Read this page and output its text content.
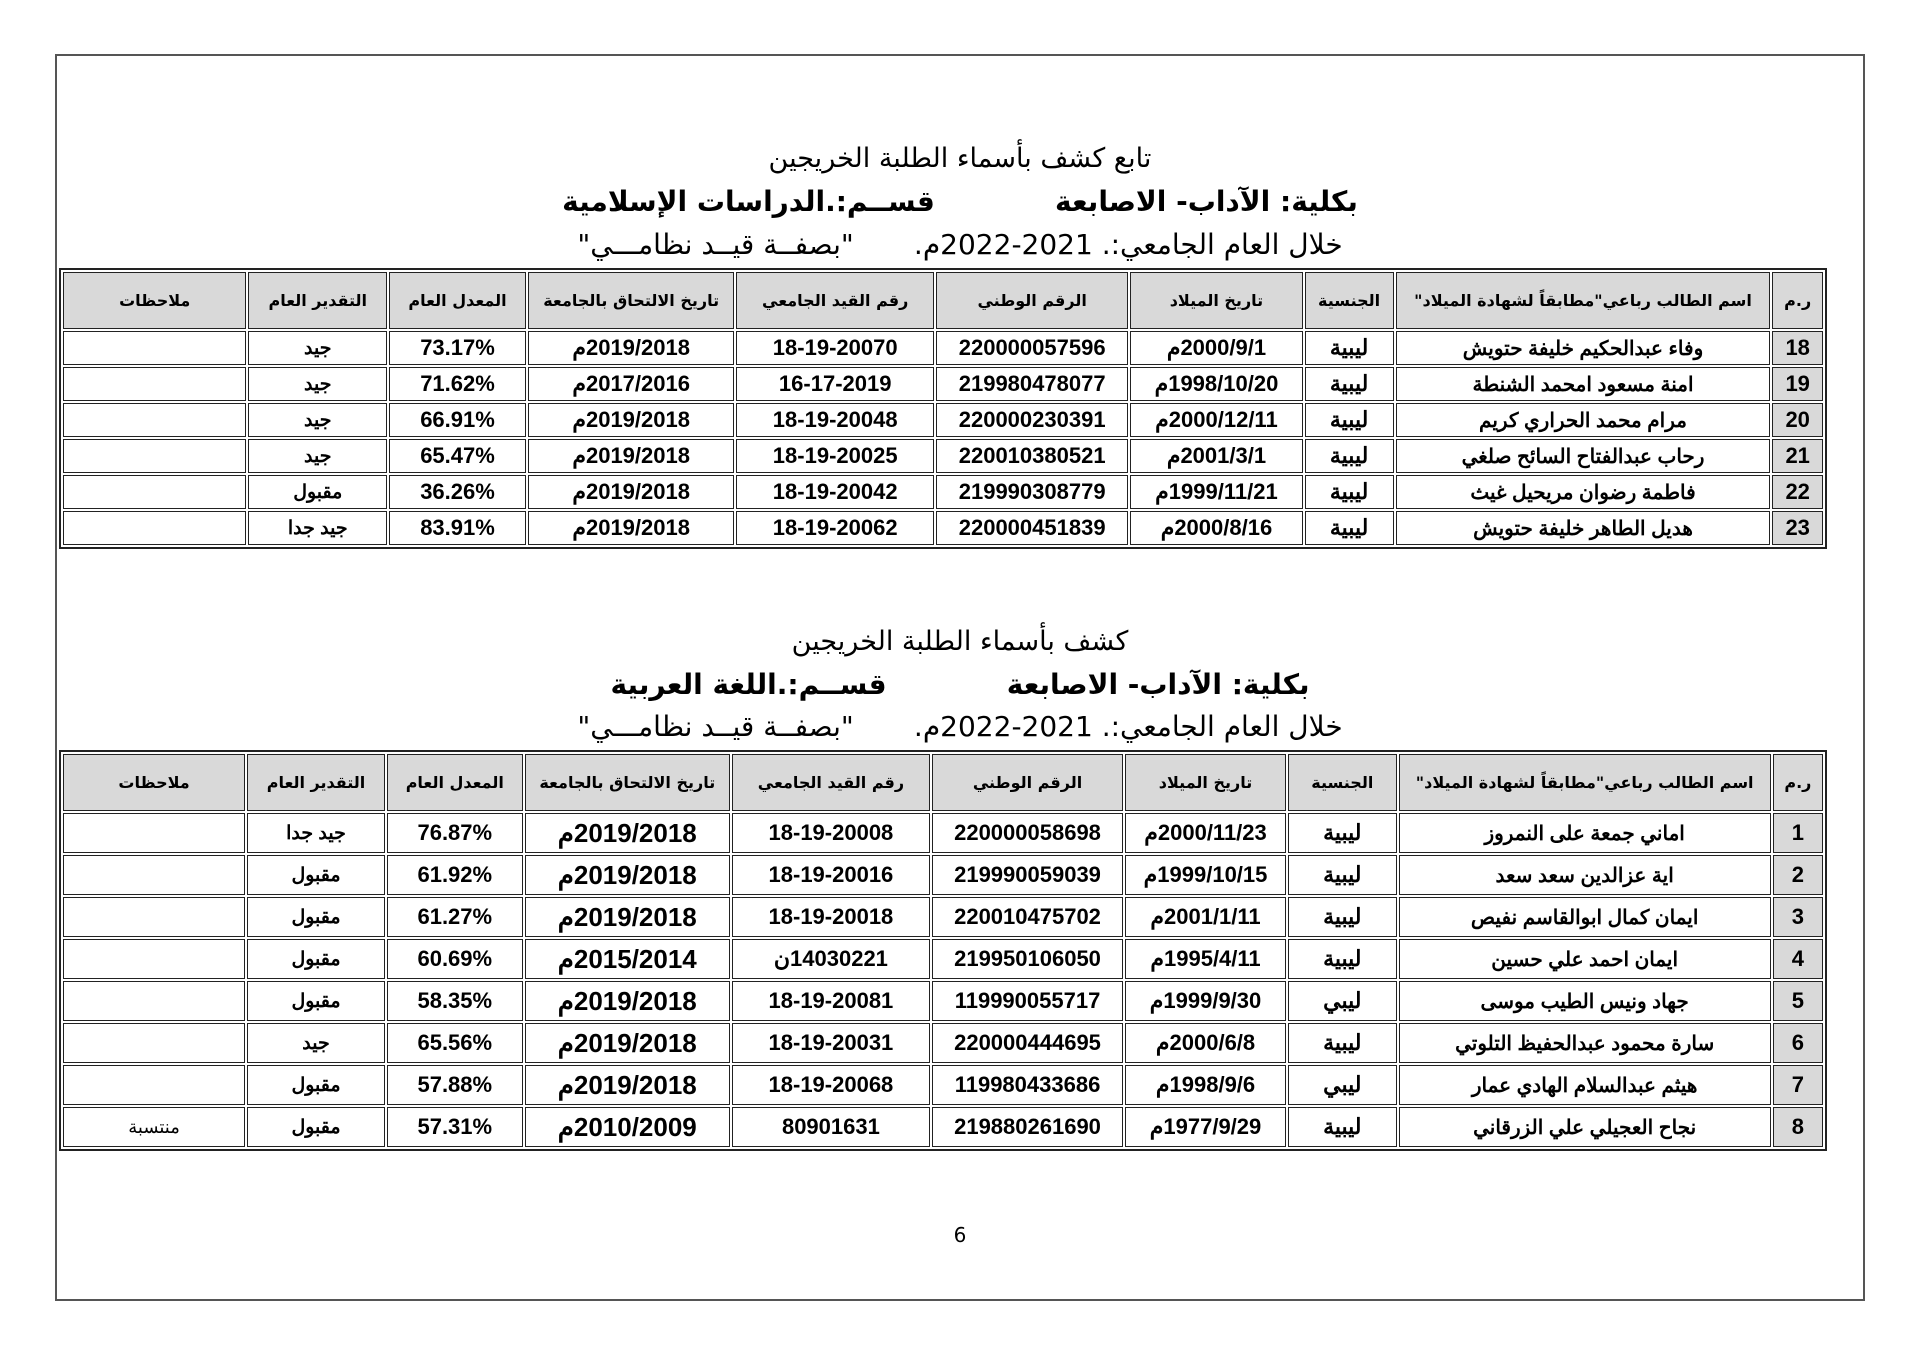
تابع كشف بأسماء الطلبة الخريجين
بكلية: الآداب- الاصابعة  قســم:.الدراسات الإسلامية
خلال العام الجامعي:. 2021-2022م.  "بصفــة قيــد نظامـــي"
ر.م	اسم الطالب رباعي"مطابقاً لشهادة الميلاد"	الجنسية	تاريخ الميلاد	الرقم الوطني	رقم القيد الجامعي	تاريخ الالتحاق بالجامعة	المعدل العام	التقدير العام	ملاحظات
18	وفاء عبدالحكيم خليفة حتويش	ليبية	2000/9/1م	220000057596	18-19-20070	2019/2018م	73.17%	جيد	
19	امنة مسعود امحمد الشنطة	ليبية	1998/10/20م	219980478077	16-17-2019	2017/2016م	71.62%	جيد	
20	مرام محمد الحراري كريم	ليبية	2000/12/11م	220000230391	18-19-20048	2019/2018م	66.91%	جيد	
21	رحاب عبدالفتاح السائح صلغي	ليبية	2001/3/1م	220010380521	18-19-20025	2019/2018م	65.47%	جيد	
22	فاطمة رضوان مريحيل غيث	ليبية	1999/11/21م	219990308779	18-19-20042	2019/2018م	36.26%	مقبول	
23	هديل الطاهر خليفة حتويش	ليبية	2000/8/16م	220000451839	18-19-20062	2019/2018م	83.91%	جيد جدا	
كشف بأسماء الطلبة الخريجين
بكلية: الآداب- الاصابعة  قســم:.اللغة العربية
خلال العام الجامعي:. 2021-2022م.  "بصفــة قيــد نظامـــي"
ر.م	اسم الطالب رباعي"مطابقاً لشهادة الميلاد"	الجنسية	تاريخ الميلاد	الرقم الوطني	رقم القيد الجامعي	تاريخ الالتحاق بالجامعة	المعدل العام	التقدير العام	ملاحظات
1	اماني جمعة على النمروز	ليبية	2000/11/23م	220000058698	18-19-20008	2019/2018م	76.87%	جيد جدا	
2	اية عزالدين سعد سعد	ليبية	1999/10/15م	219990059039	18-19-20016	2019/2018م	61.92%	مقبول	
3	ايمان كمال ابوالقاسم نفيص	ليبية	2001/1/11م	220010475702	18-19-20018	2019/2018م	61.27%	مقبول	
4	ايمان احمد علي حسين	ليبية	1995/4/11م	219950106050	14030221ن	2015/2014م	60.69%	مقبول	
5	جهاد ونيس الطيب موسى	ليبي	1999/9/30م	119990055717	18-19-20081	2019/2018م	58.35%	مقبول	
6	سارة محمود عبدالحفيظ التلوتي	ليبية	2000/6/8م	220000444695	18-19-20031	2019/2018م	65.56%	جيد	
7	هيثم عبدالسلام الهادي عمار	ليبي	1998/9/6م	119980433686	18-19-20068	2019/2018م	57.88%	مقبول	
8	نجاح العجيلي علي الزرقاني	ليبية	1977/9/29م	219880261690	80901631	2010/2009م	57.31%	مقبول	منتسبة
6
